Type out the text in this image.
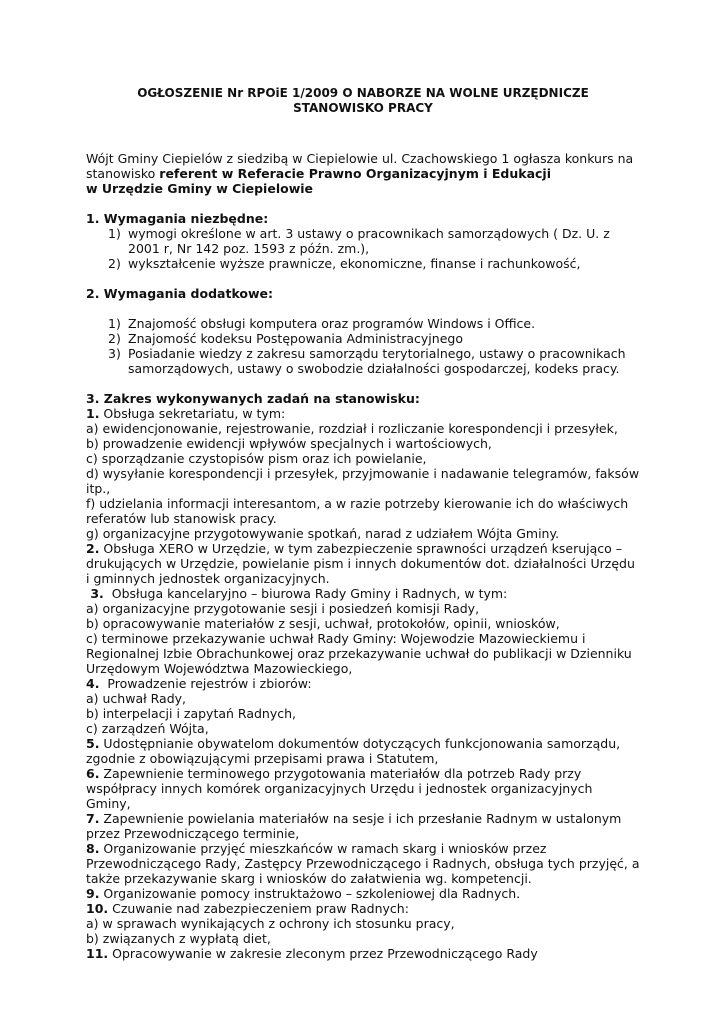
OGŁOSZENIE Nr RPOiE 1/2009 O NABORZE NA WOLNE URZĘDNICZE
STANOWISKO PRACY
Wójt Gminy Ciepielów z siedzibą w Ciepielowie ul. Czachowskiego 1 ogłasza konkurs na
stanowisko referent w Referacie Prawno Organizacyjnym i Edukacji
w Urzędzie Gminy w Ciepielowie
1. Wymagania niezbędne:
1) wymogi określone w art. 3 ustawy o pracownikach samorządowych ( Dz. U. z 2001 r, Nr 142 poz. 1593 z późn. zm.),
2) wykształcenie wyższe prawnicze, ekonomiczne, finanse i rachunkowość,
2. Wymagania dodatkowe:
1) Znajomość obsługi komputera oraz programów Windows i Office.
2) Znajomość kodeksu Postępowania Administracyjnego
3) Posiadanie wiedzy z zakresu samorządu terytorialnego, ustawy o pracownikach samorządowych, ustawy o swobodzie działalności gospodarczej, kodeks pracy.
3. Zakres wykonywanych zadań na stanowisku:
1. Obsługa sekretariatu, w tym:
a) ewidencjonowanie, rejestrowanie, rozdział i rozliczanie korespondencji i przesyłek,
b) prowadzenie ewidencji wpływów specjalnych i wartościowych,
c) sporządzanie czystopisów pism oraz ich powielanie,
d) wysyłanie korespondencji i przesyłek, przyjmowanie i nadawanie telegramów, faksów itp.,
f) udzielania informacji interesantom, a w razie potrzeby kierowanie ich do właściwych referatów lub stanowisk pracy.
g) organizacyjne przygotowywanie spotkań, narad z udziałem Wójta Gminy.
2. Obsługa XERO w Urzędzie, w tym zabezpieczenie sprawności urządzeń kserująco – drukujących w Urzędzie, powielanie pism i innych dokumentów dot. działalności Urzędu i gminnych jednostek organizacyjnych.
3.  Obsługa kancelaryjno – biurowa Rady Gminy i Radnych, w tym:
a) organizacyjne przygotowanie sesji i posiedzeń komisji Rady,
b) opracowywanie materiałów z sesji, uchwał, protokołów, opinii, wniosków,
c) terminowe przekazywanie uchwał Rady Gminy: Wojewodzie Mazowieckiemu i Regionalnej Izbie Obrachunkowej oraz przekazywanie uchwał do publikacji w Dzienniku Urzędowym Województwa Mazowieckiego,
4.  Prowadzenie rejestrów i zbiorów:
a) uchwał Rady,
b) interpelacji i zapytań Radnych,
c) zarządzeń Wójta,
5. Udostępnianie obywatelom dokumentów dotyczących funkcjonowania samorządu, zgodnie z obowiązującymi przepisami prawa i Statutem,
6. Zapewnienie terminowego przygotowania materiałów dla potrzeb Rady przy współpracy innych komórek organizacyjnych Urzędu i jednostek organizacyjnych Gminy,
7. Zapewnienie powielania materiałów na sesje i ich przesłanie Radnym w ustalonym przez Przewodniczącego terminie,
8. Organizowanie przyjęć mieszkańców w ramach skarg i wniosków przez Przewodniczącego Rady, Zastępcy Przewodniczącego i Radnych, obsługa tych przyjęć, a także przekazywanie skarg i wniosków do załatwienia wg. kompetencji.
9. Organizowanie pomocy instruktażowo – szkoleniowej dla Radnych.
10. Czuwanie nad zabezpieczeniem praw Radnych:
a) w sprawach wynikających z ochrony ich stosunku pracy,
b) związanych z wypłatą diet,
11. Opracowywanie w zakresie zleconym przez Przewodniczącego Rady
